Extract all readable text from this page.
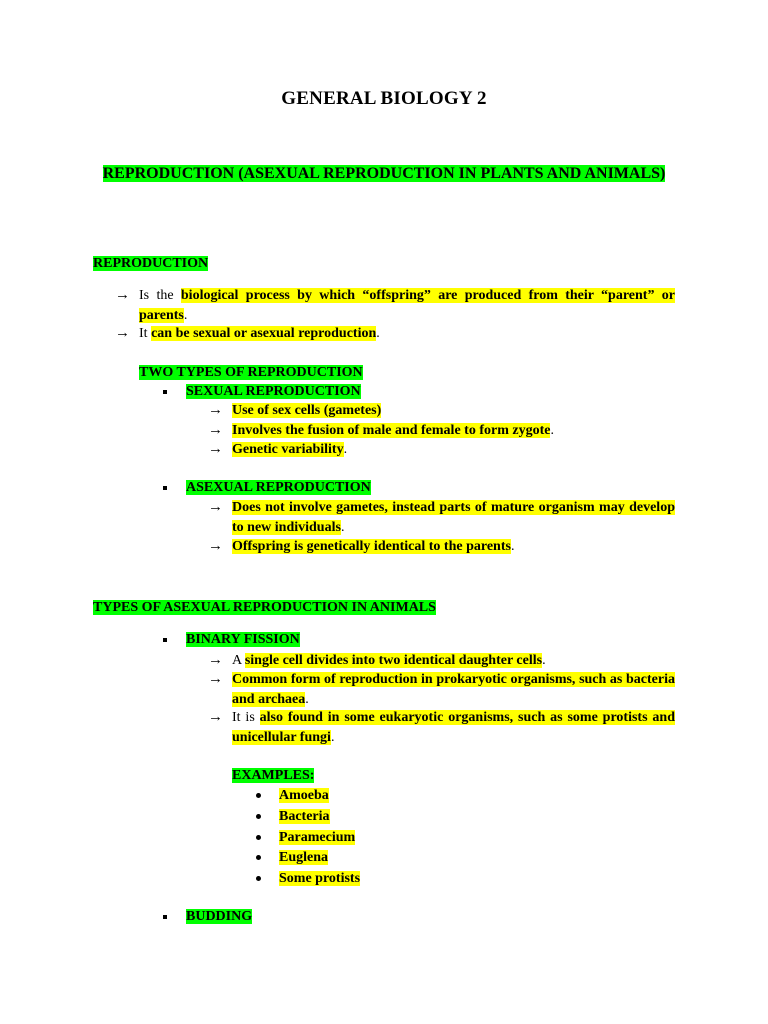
GENERAL BIOLOGY 2
REPRODUCTION (ASEXUAL REPRODUCTION IN PLANTS AND ANIMALS)
REPRODUCTION
→ Is the biological process by which “offspring” are produced from their “parent” or parents.
→ It can be sexual or asexual reproduction.
TWO TYPES OF REPRODUCTION
SEXUAL REPRODUCTION
→ Use of sex cells (gametes)
→ Involves the fusion of male and female to form zygote.
→ Genetic variability.
ASEXUAL REPRODUCTION
→ Does not involve gametes, instead parts of mature organism may develop to new individuals.
→ Offspring is genetically identical to the parents.
TYPES OF ASEXUAL REPRODUCTION IN ANIMALS
BINARY FISSION
→ A single cell divides into two identical daughter cells.
→ Common form of reproduction in prokaryotic organisms, such as bacteria and archaea.
→ It is also found in some eukaryotic organisms, such as some protists and unicellular fungi.
EXAMPLES:
Amoeba
Bacteria
Paramecium
Euglena
Some protists
BUDDING
